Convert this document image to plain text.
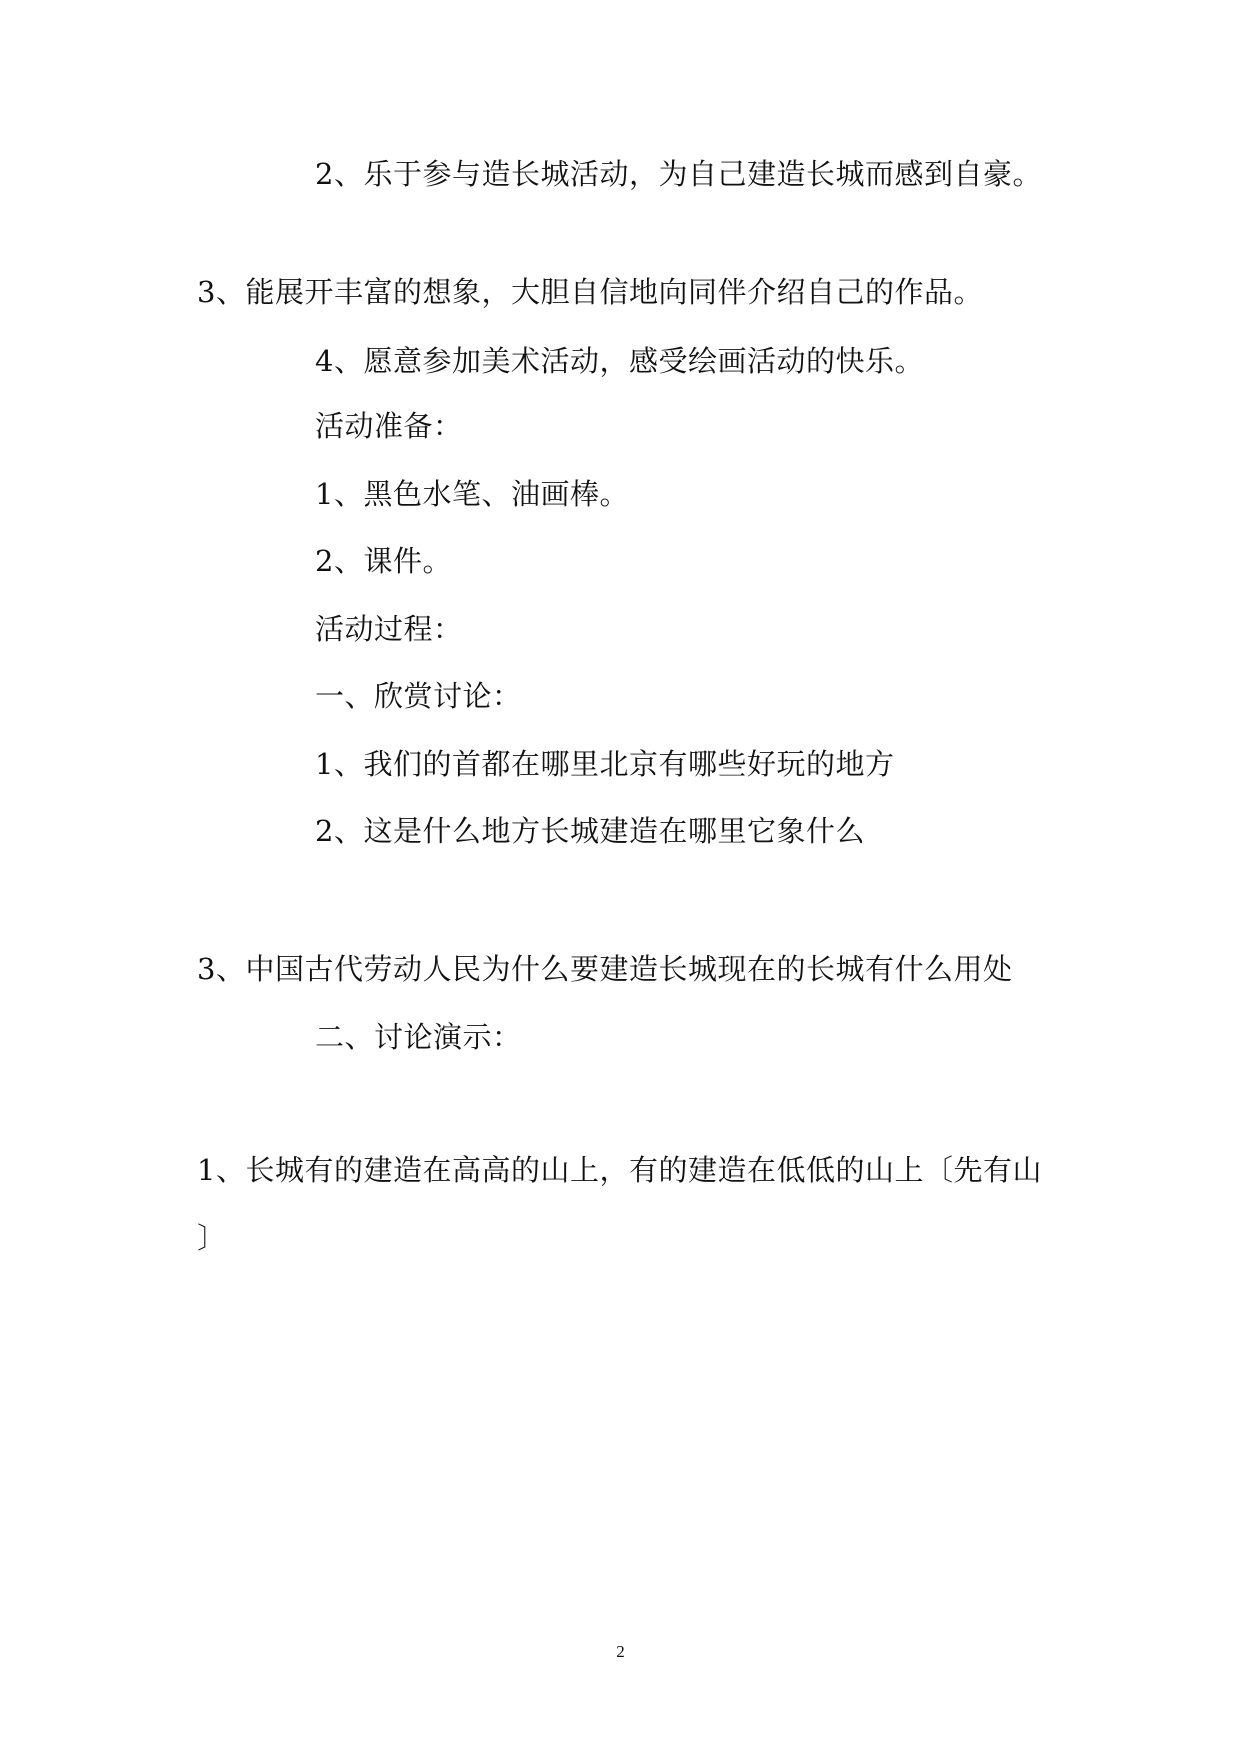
2、乐于参与造长城活动，为自己建造长城而感到自豪。
3、能展开丰富的想象，大胆自信地向同伴介绍自己的作品。
4、愿意参加美术活动，感受绘画活动的快乐。
活动准备：
1、黑色水笔、油画棒。
2、课件。
活动过程：
一、欣赏讨论：
1、我们的首都在哪里北京有哪些好玩的地方
2、这是什么地方长城建造在哪里它象什么
3、中国古代劳动人民为什么要建造长城现在的长城有什么用处
二、讨论演示：
1、长城有的建造在高高的山上，有的建造在低低的山上〔先有山
〕
2
